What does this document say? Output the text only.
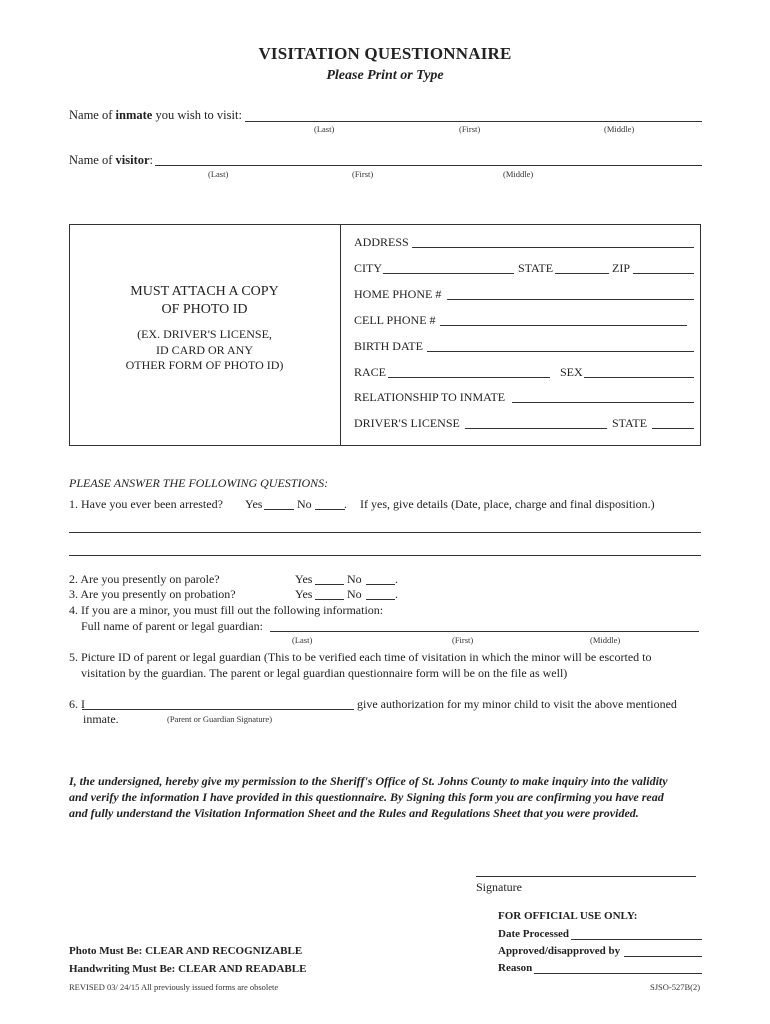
VISITATION QUESTIONNAIRE
Please Print or Type
Name of inmate you wish to visit:
(Last)	(First)	(Middle)
Name of visitor:
(Last)	(First)	(Middle)
MUST ATTACH A COPY
OF PHOTO ID
(EX. DRIVER'S LICENSE,
ID CARD OR ANY
OTHER FORM OF PHOTO ID)
ADDRESS
CITY	STATE	ZIP
HOME PHONE #
CELL PHONE #
BIRTH DATE
RACE	SEX
RELATIONSHIP TO INMATE
DRIVER'S LICENSE	STATE
PLEASE ANSWER THE FOLLOWING QUESTIONS:
1. Have you ever been arrested? Yes	No	. If yes, give details (Date, place, charge and final disposition.)
2. Are you presently on parole?	Yes	No	.
3. Are you presently on probation?	Yes	No	.
4. If you are a minor, you must fill out the following information:
Full name of parent or legal guardian:
(Last)	(First)	(Middle)
5. Picture ID of parent or legal guardian (This to be verified each time of visitation in which the minor will be escorted to
visitation by the guardian. The parent or legal guardian questionnaire form will be on the file as well)
6. I	give authorization for my minor child to visit the above mentioned
inmate.	(Parent or Guardian Signature)
I, the undersigned, hereby give my permission to the Sheriff's Office of St. Johns County to make inquiry into the validity
and verify the information I have provided in this questionnaire. By Signing this form you are confirming you have read
and fully understand the Visitation Information Sheet and the Rules and Regulations Sheet that you were provided.
Signature
FOR OFFICIAL USE ONLY:
Date Processed
Approved/disapproved by
Reason
Photo Must Be: CLEAR AND RECOGNIZABLE
Handwriting Must Be: CLEAR AND READABLE
REVISED 03/ 24/15 All previously issued forms are obsolete	SJSO-527B(2)
